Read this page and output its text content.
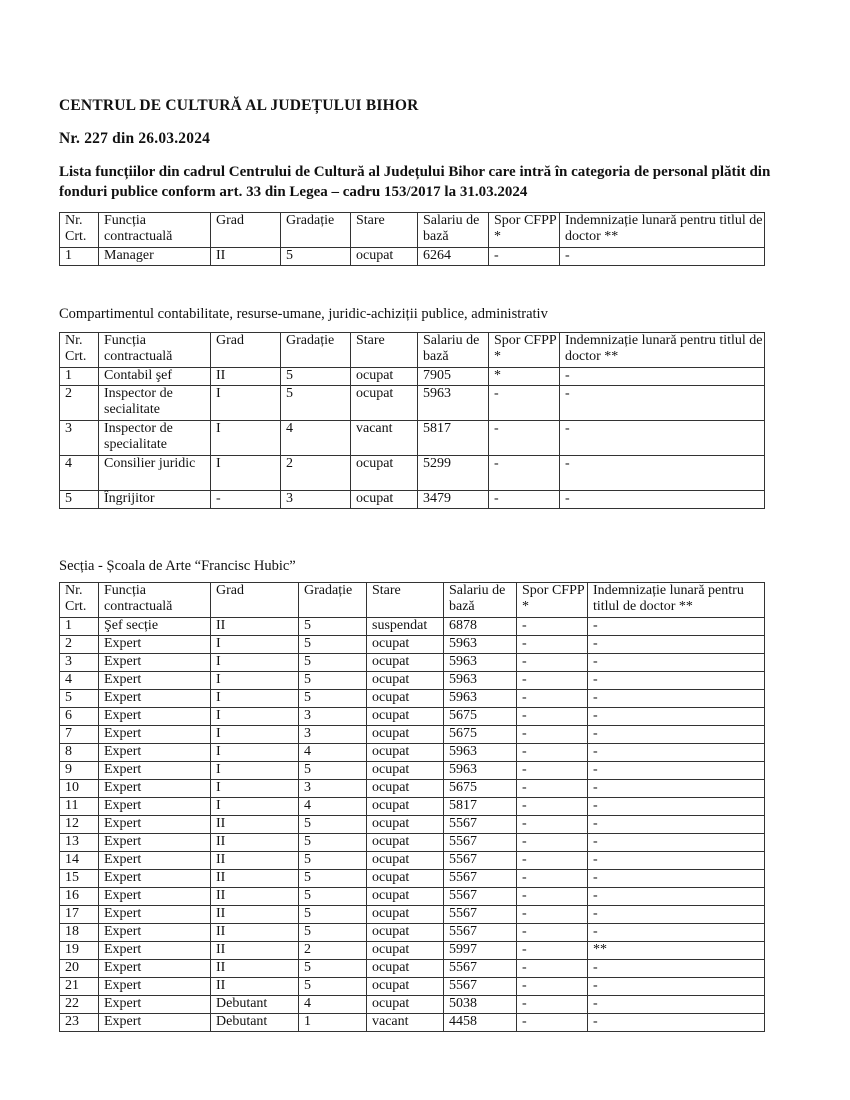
CENTRUL DE CULTURĂ AL JUDEȚULUI BIHOR
Nr. 227 din 26.03.2024
Lista funcțiilor din cadrul Centrului de Cultură al Județului Bihor care intră în categoria de personal plătit din fonduri publice conform art. 33 din Legea – cadru 153/2017 la 31.03.2024
Nr. Crt.	Funcția contractuală	Grad	Gradație	Stare	Salariu de bază	Spor CFPP *	Indemnizație lunară pentru titlul de doctor **
1	Manager	II	5	ocupat	6264	-	-
Compartimentul contabilitate, resurse-umane, juridic-achiziții publice, administrativ
Nr. Crt.	Funcția contractuală	Grad	Gradație	Stare	Salariu de bază	Spor CFPP *	Indemnizație lunară pentru titlul de doctor **
1	Contabil şef	II	5	ocupat	7905	*	-
2	Inspector de secialitate	I	5	ocupat	5963	-	-
3	Inspector de specialitate	I	4	vacant	5817	-	-
4	Consilier juridic	I	2	ocupat	5299	-	-
5	Îngrijitor	-	3	ocupat	3479	-	-
Secția - Școala de Arte “Francisc Hubic”
Nr. Crt.	Funcția contractuală	Grad	Gradație	Stare	Salariu de bază	Spor CFPP *	Indemnizație lunară pentru titlul de doctor **
1	Şef secție	II	5	suspendat	6878	-	-
2	Expert	I	5	ocupat	5963	-	-
3	Expert	I	5	ocupat	5963	-	-
4	Expert	I	5	ocupat	5963	-	-
5	Expert	I	5	ocupat	5963	-	-
6	Expert	I	3	ocupat	5675	-	-
7	Expert	I	3	ocupat	5675	-	-
8	Expert	I	4	ocupat	5963	-	-
9	Expert	I	5	ocupat	5963	-	-
10	Expert	I	3	ocupat	5675	-	-
11	Expert	I	4	ocupat	5817	-	-
12	Expert	II	5	ocupat	5567	-	-
13	Expert	II	5	ocupat	5567	-	-
14	Expert	II	5	ocupat	5567	-	-
15	Expert	II	5	ocupat	5567	-	-
16	Expert	II	5	ocupat	5567	-	-
17	Expert	II	5	ocupat	5567	-	-
18	Expert	II	5	ocupat	5567	-	-
19	Expert	II	2	ocupat	5997	-	**
20	Expert	II	5	ocupat	5567	-	-
21	Expert	II	5	ocupat	5567	-	-
22	Expert	Debutant	4	ocupat	5038	-	-
23	Expert	Debutant	1	vacant	4458	-	-
